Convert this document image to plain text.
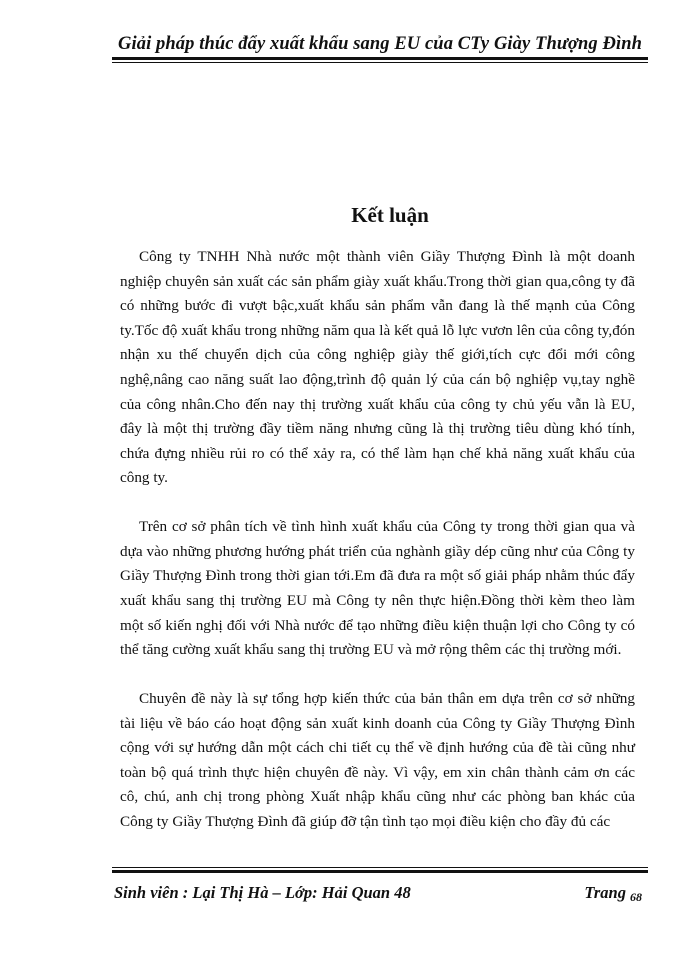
Giải pháp thúc đẩy xuất khẩu sang EU của CTy Giày Thượng Đình
Kết luận

Công ty TNHH Nhà nước một thành viên Giầy Thượng Đình là một doanh nghiệp chuyên sản xuất các sản phẩm giày xuất khẩu.Trong thời gian qua,công ty đã có những bước đi vượt bậc,xuất khẩu sản phẩm vẫn đang là thế mạnh của Công ty.Tốc độ xuất khẩu trong những năm qua là kết quả lỗ lực vươn lên của công ty,đón nhận xu thế chuyển dịch của công nghiệp giày thế giới,tích cực đổi mới công nghệ,nâng cao năng suất lao động,trình độ quản lý của cán bộ nghiệp vụ,tay nghề của công nhân.Cho đến nay thị trường xuất khẩu của công ty chủ yếu vẫn là EU, đây là một thị trường đầy tiềm năng nhưng cũng là thị trường tiêu dùng khó tính, chứa đựng nhiều rủi ro có thể xảy ra, có thể làm hạn chế khả năng xuất khẩu của công ty.

Trên cơ sở phân tích về tình hình xuất khẩu của Công ty trong thời gian qua và dựa vào những phương hướng phát triển của nghành giầy dép cũng như của Công ty Giầy Thượng Đình trong thời gian tới.Em đã đưa ra một số giải pháp nhằm thúc đẩy xuất khẩu sang thị trường EU mà Công ty nên thực hiện.Đồng thời kèm theo làm một số kiến nghị đối với Nhà nước để tạo những điều kiện thuận lợi cho Công ty có thể tăng cường xuất khẩu sang thị trường EU và mở rộng thêm các thị trường mới.

Chuyên đề này là sự tổng hợp kiến thức của bản thân em dựa trên cơ sở những tài liệu về báo cáo hoạt động sản xuất kinh doanh của Công ty Giầy Thượng Đình cộng với sự hướng dẫn một cách chi tiết cụ thể về định hướng của đề tài cũng như toàn bộ quá trình thực hiện chuyên đề này. Vì vậy, em xin chân thành cảm ơn các cô, chú, anh chị trong phòng Xuất nhập khẩu cũng như các phòng ban khác của Công ty Giầy Thượng Đình đã giúp đỡ tận tình tạo mọi điều kiện cho đầy đủ các

Sinh viên : Lại Thị Hà – Lớp: Hải Quan 48	Trang 68
